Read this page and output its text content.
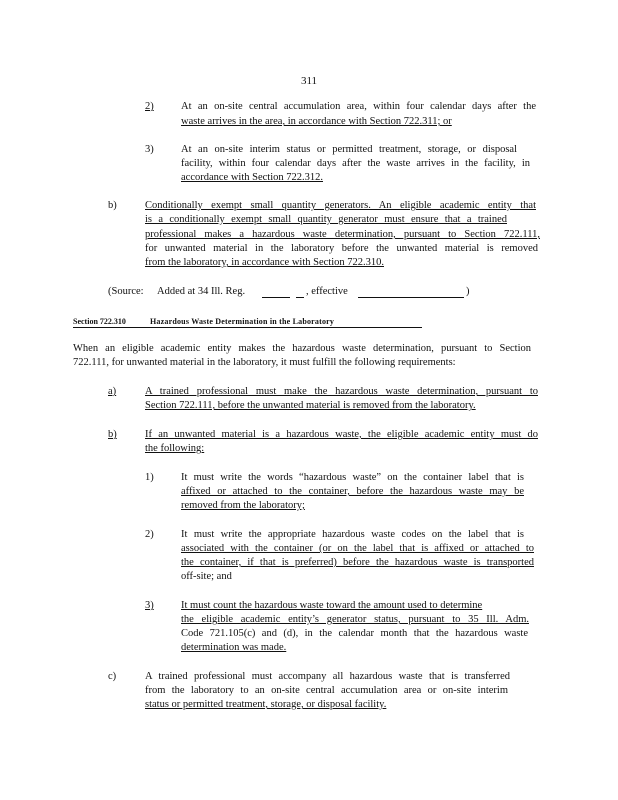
311
2)	At an on-site central accumulation area, within four calendar days after the
waste arrives in the area, in accordance with Section 722.311; or
3)	At an on-site interim status or permitted treatment, storage, or disposal
facility, within four calendar days after the waste arrives in the facility, in
accordance with Section 722.312.
b)	Conditionally exempt small quantity generators. An eligible academic entity that
is a conditionally exempt small quantity generator must ensure that a trained
professional makes a hazardous waste determination, pursuant to Section 722.111,
for unwanted material in the laboratory before the unwanted material is removed
from the laboratory, in accordance with Section 722.310.
(Source: Added at 34 Ill. Reg.	, effective	)
Section 722.310	Hazardous Waste Determination in the Laboratory
When an eligible academic entity makes the hazardous waste determination, pursuant to Section
722.111, for unwanted material in the laboratory, it must fulfill the following requirements:
a)	A trained professional must make the hazardous waste determination, pursuant to
Section 722.111, before the unwanted material is removed from the laboratory.
b)	If an unwanted material is a hazardous waste, the eligible academic entity must do
the following:
1)	It must write the words “hazardous waste” on the container label that is
affixed or attached to the container, before the hazardous waste may be
removed from the laboratory;
2)	It must write the appropriate hazardous waste codes on the label that is
associated with the container (or on the label that is affixed or attached to
the container, if that is preferred) before the hazardous waste is transported
off-site; and
3)	It must count the hazardous waste toward the amount used to determine
the eligible academic entity’s generator status, pursuant to 35 Ill. Adm.
Code 721.105(c) and (d), in the calendar month that the hazardous waste
determination was made.
c)	A trained professional must accompany all hazardous waste that is transferred
from the laboratory to an on-site central accumulation area or on-site interim
status or permitted treatment, storage, or disposal facility.
